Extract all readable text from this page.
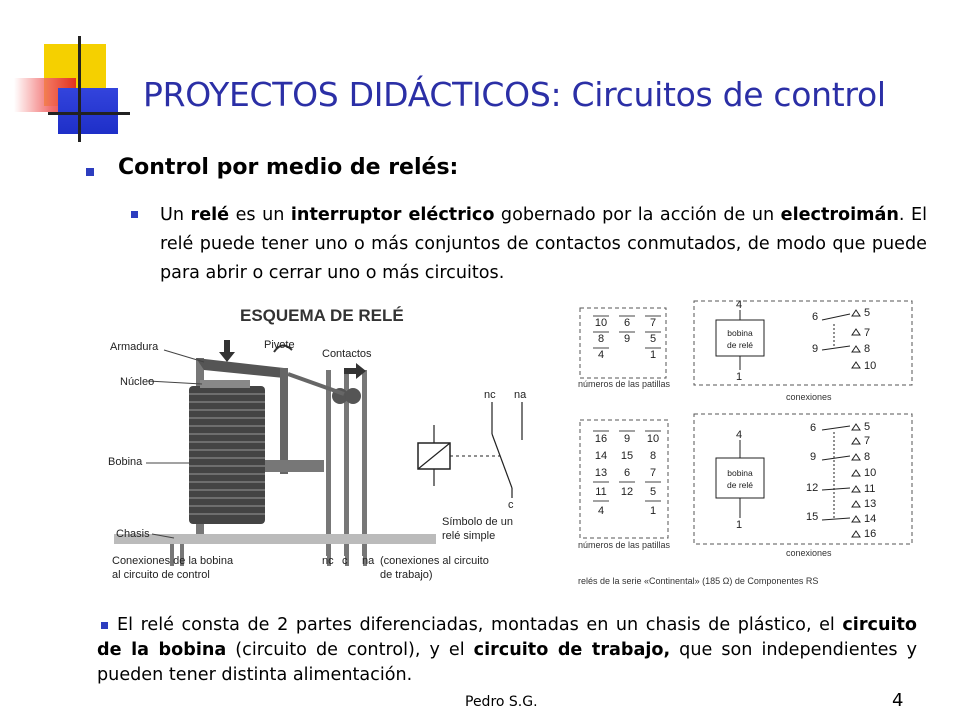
PROYECTOS DIDÁCTICOS: Circuitos de control
Control por medio de relés:
Un relé es un interruptor eléctrico gobernado por la acción de un electroimán. El relé puede tener uno o más conjuntos de contactos conmutados, de modo que puede para abrir o cerrar uno o más circuitos.
ESQUEMA DE RELÉ
Armadura
Núcleo
Pivote
Contactos
Bobina
Chasis
Conexiones de la bobina
al circuito de control
nc c na (conexiones al circuito
de trabajo)
nc na
c
Símbolo de un
relé simple
10 6 7
8 9 5
4	1
números de las patillas
4
1
6
9
5
7
8
10
bobina
de relé
conexiones
16 9 10
14 15 8
13 6 7
11 12 5
4	1
números de las patillas
4
1
6
9
12
15
5
7
8
10
11
13
14
16
bobina
de relé
conexiones
relés de la serie «Continental» (185 Ω) de Componentes RS
El relé consta de 2 partes diferenciadas, montadas en un chasis de plástico, el circuito de la bobina (circuito de control), y el circuito de trabajo, que son independientes y pueden tener distinta alimentación.
Pedro S.G.	4
